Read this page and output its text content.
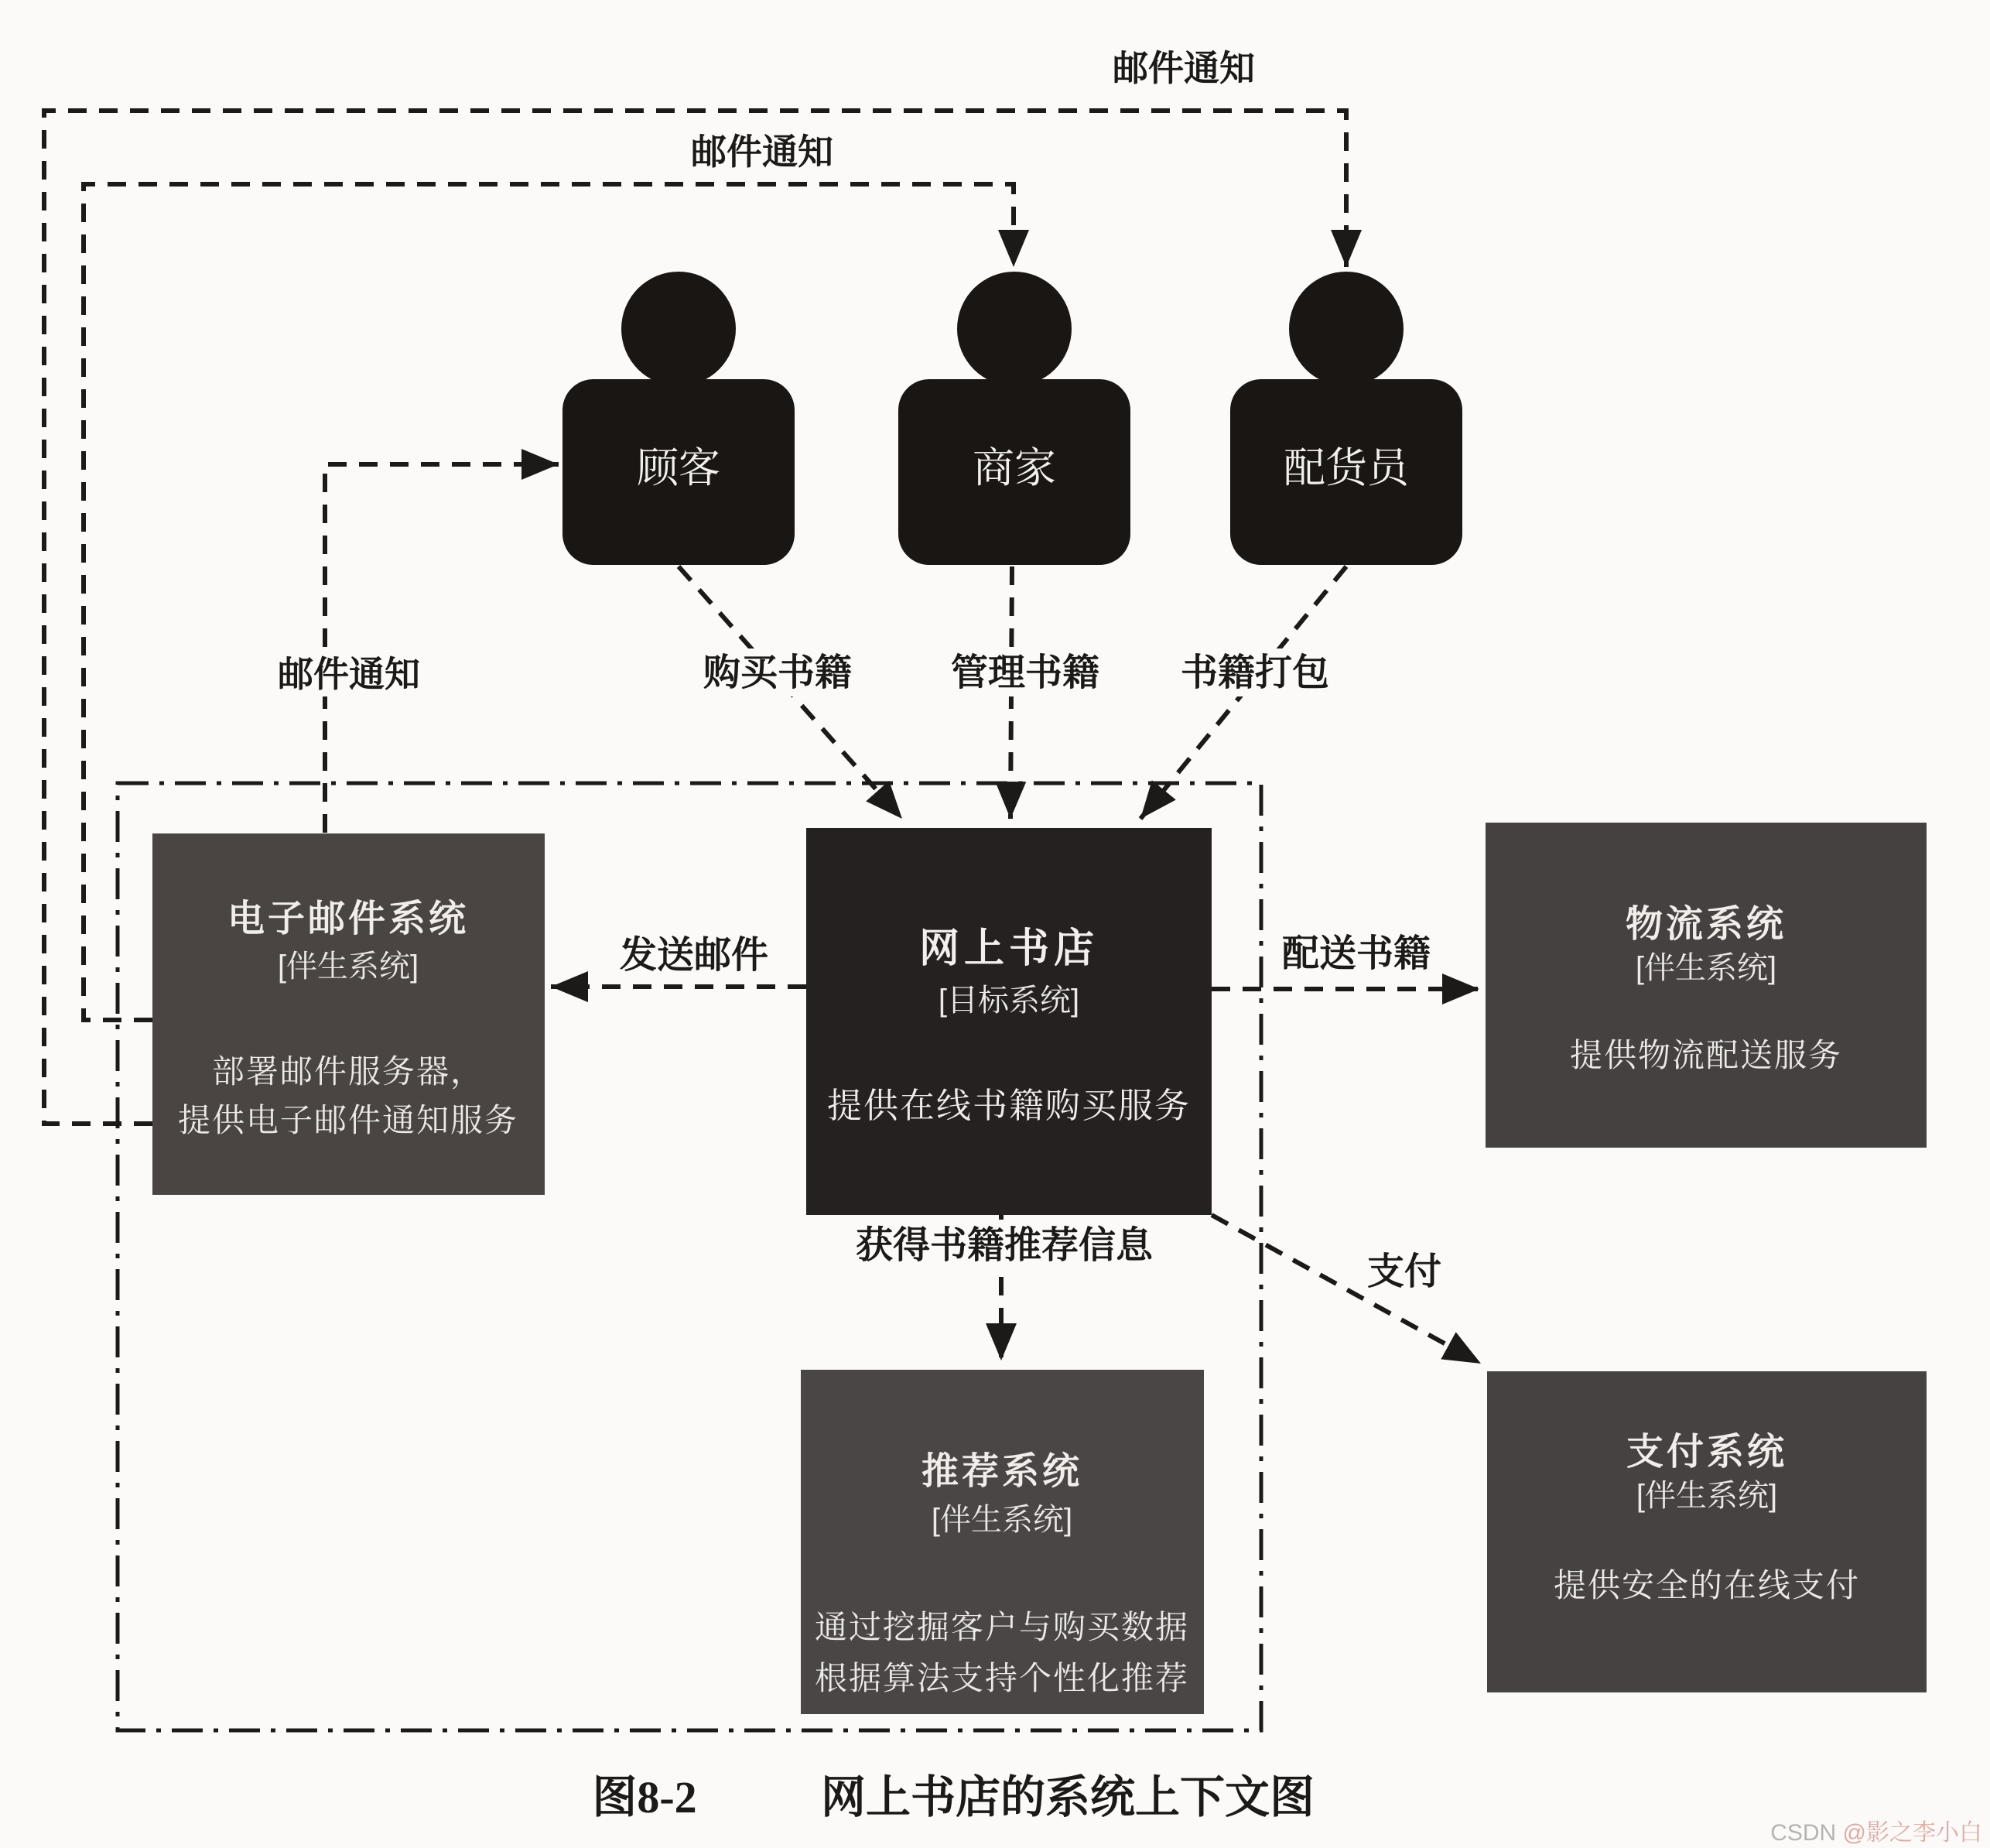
邮件通知
邮件通知
邮件通知
顾客	商家	配货员
购买书籍	管理书籍 书籍打包
发送邮件	配送书籍
获得书籍推荐信息
支付
电子邮件系统
[伴生系统]
部署邮件服务器，
提供电子邮件通知服务
网上书店
[目标系统]
提供在线书籍购买服务
物流系统
[伴生系统]
提供物流配送服务
推荐系统
[伴生系统]
通过挖掘客户与购买数据
根据算法支持个性化推荐
支付系统
[伴生系统]
提供安全的在线支付
图8-2	网上书店的系统上下文图
CSDN @影之李小白
